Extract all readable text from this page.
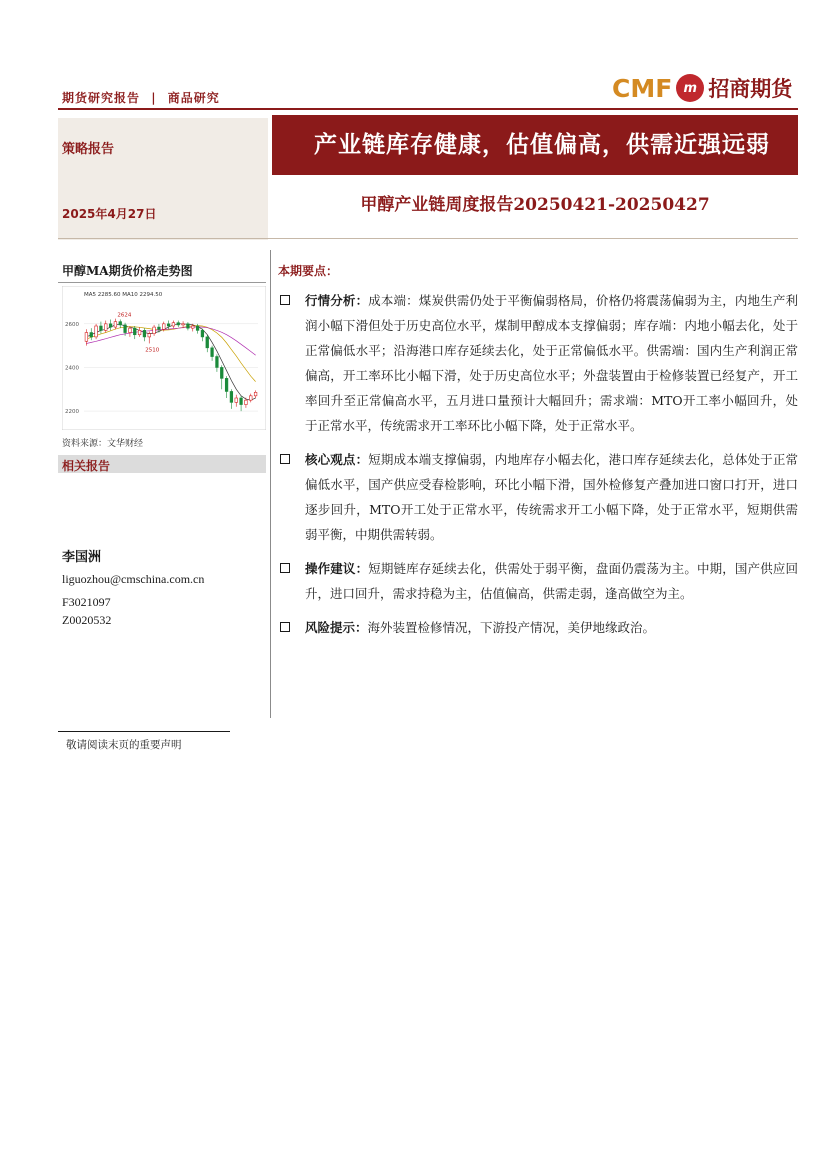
期货研究报告 | 商品研究	CMF m 招商期货
策略报告
2025年4月27日
产业链库存健康，估值偏高，供需近强远弱
甲醇产业链周度报告20250421-20250427
甲醇MA期货价格走势图
MA5 2285.60 MA10 2294.50
2600
2400
2200
2624
2510
资料来源：文华财经
相关报告
李国洲
liguozhou@cmschina.com.cn
F3021097
Z0020532
本期要点：
行情分析：成本端：煤炭供需仍处于平衡偏弱格局，价格仍将震荡偏弱为主，内地生产利润小幅下滑但处于历史高位水平，煤制甲醇成本支撑偏弱；库存端：内地小幅去化，处于正常偏低水平；沿海港口库存延续去化，处于正常偏低水平。供需端：国内生产利润正常偏高，开工率环比小幅下滑，处于历史高位水平；外盘装置由于检修装置已经复产，开工率回升至正常偏高水平，五月进口量预计大幅回升；需求端：MTO开工率小幅回升，处于正常水平，传统需求开工率环比小幅下降，处于正常水平。
核心观点：短期成本端支撑偏弱，内地库存小幅去化，港口库存延续去化，总体处于正常偏低水平，国产供应受春检影响，环比小幅下滑，国外检修复产叠加进口窗口打开，进口逐步回升，MTO开工处于正常水平，传统需求开工小幅下降，处于正常水平，短期供需弱平衡，中期供需转弱。
操作建议：短期链库存延续去化，供需处于弱平衡，盘面仍震荡为主。中期，国产供应回升，进口回升，需求持稳为主，估值偏高，供需走弱，逢高做空为主。
风险提示：海外装置检修情况，下游投产情况，美伊地缘政治。
敬请阅读末页的重要声明
